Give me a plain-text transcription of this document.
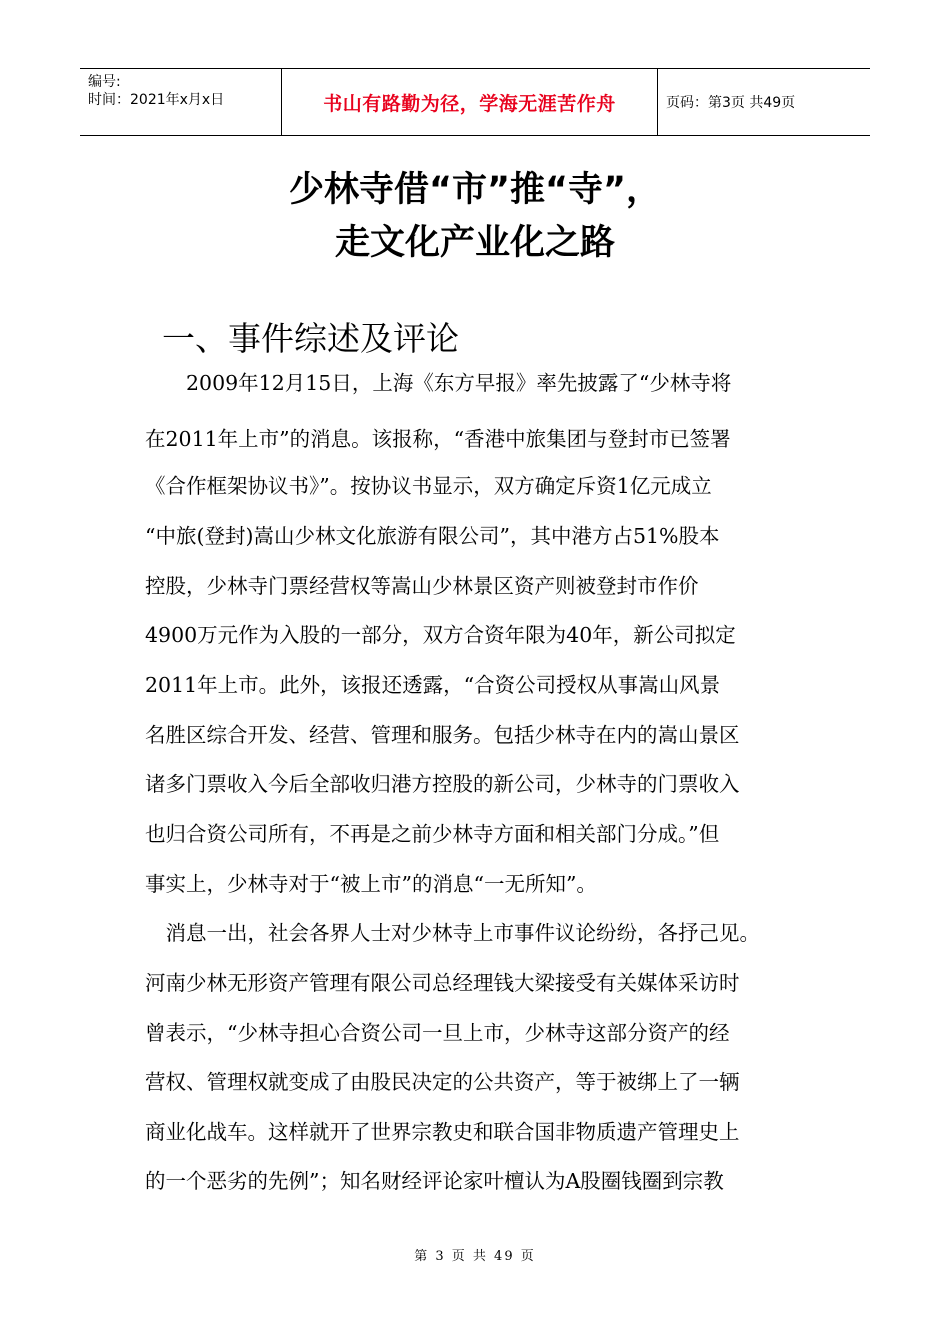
编号:
时间：2021年x月x日	书山有路勤为径，学海无涯苦作舟	页码：第3页 共49页
少林寺借“市”推“寺”，
走文化产业化之路
一、事件综述及评论
　　2009年12月15日，上海《东方早报》率先披露了“少林寺将
在2011年上市”的消息。该报称，“香港中旅集团与登封市已签署
《合作框架协议书》”。按协议书显示，双方确定斥资1亿元成立
“中旅(登封)嵩山少林文化旅游有限公司”，其中港方占51%股本
控股，少林寺门票经营权等嵩山少林景区资产则被登封市作价
4900万元作为入股的一部分，双方合资年限为40年，新公司拟定
2011年上市。此外，该报还透露，“合资公司授权从事嵩山风景
名胜区综合开发、经营、管理和服务。包括少林寺在内的嵩山景区
诸多门票收入今后全部收归港方控股的新公司，少林寺的门票收入
也归合资公司所有，不再是之前少林寺方面和相关部门分成。”但
事实上，少林寺对于“被上市”的消息“一无所知”。
　消息一出，社会各界人士对少林寺上市事件议论纷纷，各抒己见。
河南少林无形资产管理有限公司总经理钱大梁接受有关媒体采访时
曾表示，“少林寺担心合资公司一旦上市，少林寺这部分资产的经
营权、管理权就变成了由股民决定的公共资产，等于被绑上了一辆
商业化战车。这样就开了世界宗教史和联合国非物质遗产管理史上
的一个恶劣的先例”；知名财经评论家叶檀认为A股圈钱圈到宗教
第 3 页 共 49 页
